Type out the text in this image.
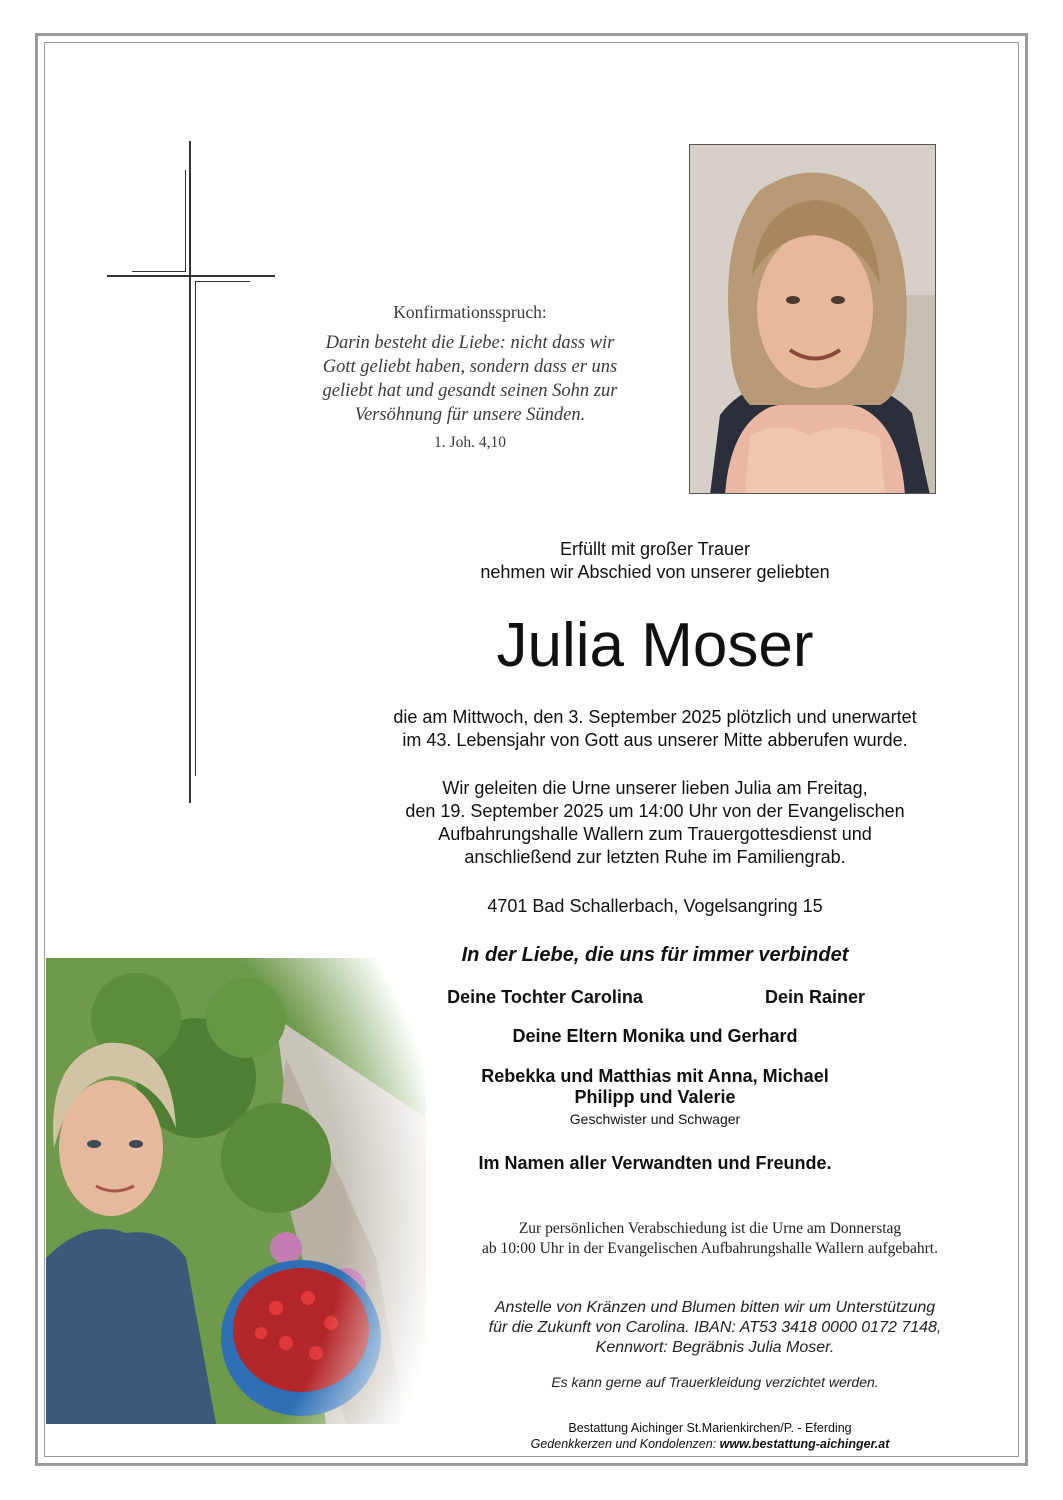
Konfirmationsspruch:
Darin besteht die Liebe: nicht dass wir
Gott geliebt haben, sondern dass er uns
geliebt hat und gesandt seinen Sohn zur
Versöhnung für unsere Sünden.
1. Joh. 4,10
Erfüllt mit großer Trauer
nehmen wir Abschied von unserer geliebten
Julia Moser
die am Mittwoch, den 3. September 2025 plötzlich und unerwartet
im 43. Lebensjahr von Gott aus unserer Mitte abberufen wurde.
Wir geleiten die Urne unserer lieben Julia am Freitag,
den 19. September 2025 um 14:00 Uhr von der Evangelischen
Aufbahrungshalle Wallern zum Trauergottesdienst und
anschließend zur letzten Ruhe im Familiengrab.
4701 Bad Schallerbach, Vogelsangring 15
In der Liebe, die uns für immer verbindet
Deine Tochter Carolina	Dein Rainer
Deine Eltern Monika und Gerhard
Rebekka und Matthias mit Anna, Michael
Philipp und Valerie
Geschwister und Schwager
Im Namen aller Verwandten und Freunde.
Zur persönlichen Verabschiedung ist die Urne am Donnerstag
ab 10:00 Uhr in der Evangelischen Aufbahrungshalle Wallern aufgebahrt.
Anstelle von Kränzen und Blumen bitten wir um Unterstützung
für die Zukunft von Carolina. IBAN: AT53 3418 0000 0172 7148,
Kennwort: Begräbnis Julia Moser.
Es kann gerne auf Trauerkleidung verzichtet werden.
Bestattung Aichinger St.Marienkirchen/P. - Eferding
Gedenkkerzen und Kondolenzen: www.bestattung-aichinger.at
